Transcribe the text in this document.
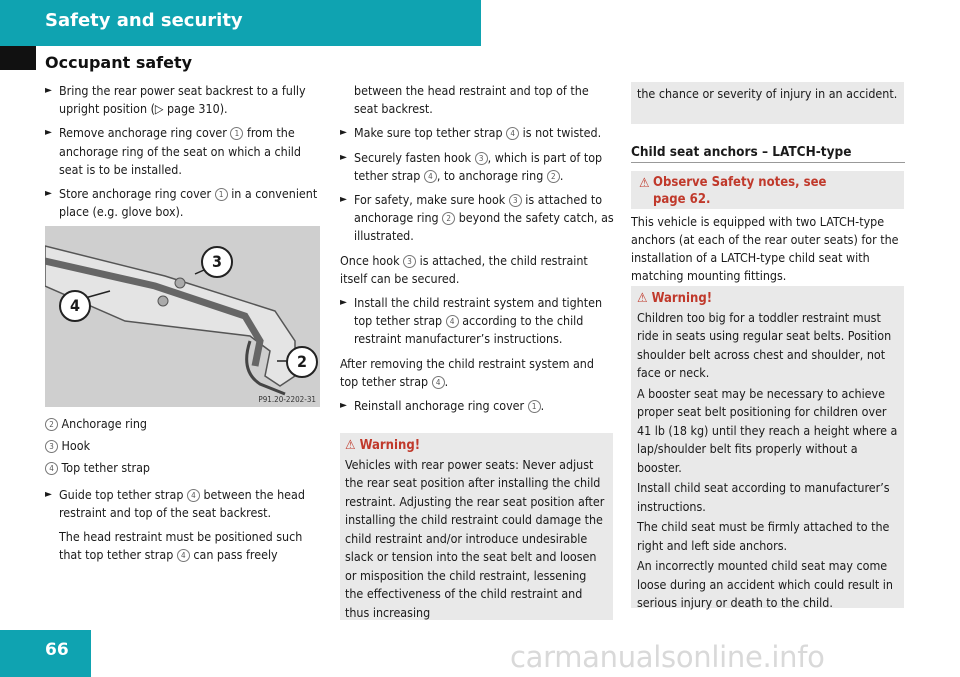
Safety and security
Occupant safety
► Bring the rear power seat backrest to a fully upright position (▷ page 310).
► Remove anchorage ring cover 1 from the anchorage ring of the seat on which a child seat is to be installed.
► Store anchorage ring cover 1 in a convenient place (e.g. glove box).
3
4
2
P91.20-2202-31
2 Anchorage ring
3 Hook
4 Top tether strap
► Guide top tether strap 4 between the head restraint and top of the seat backrest.
The head restraint must be positioned such that top tether strap 4 can pass freely
between the head restraint and top of the seat backrest.
► Make sure top tether strap 4 is not twisted.
► Securely fasten hook 3 , which is part of top tether strap 4 , to anchorage ring 2 .
► For safety, make sure hook 3 is attached to anchorage ring 2 beyond the safety catch, as illustrated.

Once hook 3 is attached, the child restraint itself can be secured.

► Install the child restraint system and tighten top tether strap 4 according to the child restraint manufacturer’s instructions.

After removing the child restraint system and top tether strap 4 .

► Reinstall anchorage ring cover 1 .
⚠ Warning!
Vehicles with rear power seats: Never adjust the rear seat position after installing the child restraint. Adjusting the rear seat position after installing the child restraint could damage the child restraint and/or introduce undesirable slack or tension into the seat belt and loosen or misposition the child restraint, lessening the effectiveness of the child restraint and thus increasing
the chance or severity of injury in an accident.
Child seat anchors – LATCH-type
⚠ Observe Safety notes, see page 62.

This vehicle is equipped with two LATCH-type anchors (at each of the rear outer seats) for the installation of a LATCH-type child seat with matching mounting fittings.

⚠ Warning!

Children too big for a toddler restraint must ride in seats using regular seat belts. Position shoulder belt across chest and shoulder, not face or neck.

A booster seat may be necessary to achieve proper seat belt positioning for children over 41 lb (18 kg) until they reach a height where a lap/shoulder belt fits properly without a booster.

Install child seat according to manufacturer’s instructions.

The child seat must be firmly attached to the right and left side anchors.

An incorrectly mounted child seat may come loose during an accident which could result in serious injury or death to the child.

66	carmanualsonline.info
